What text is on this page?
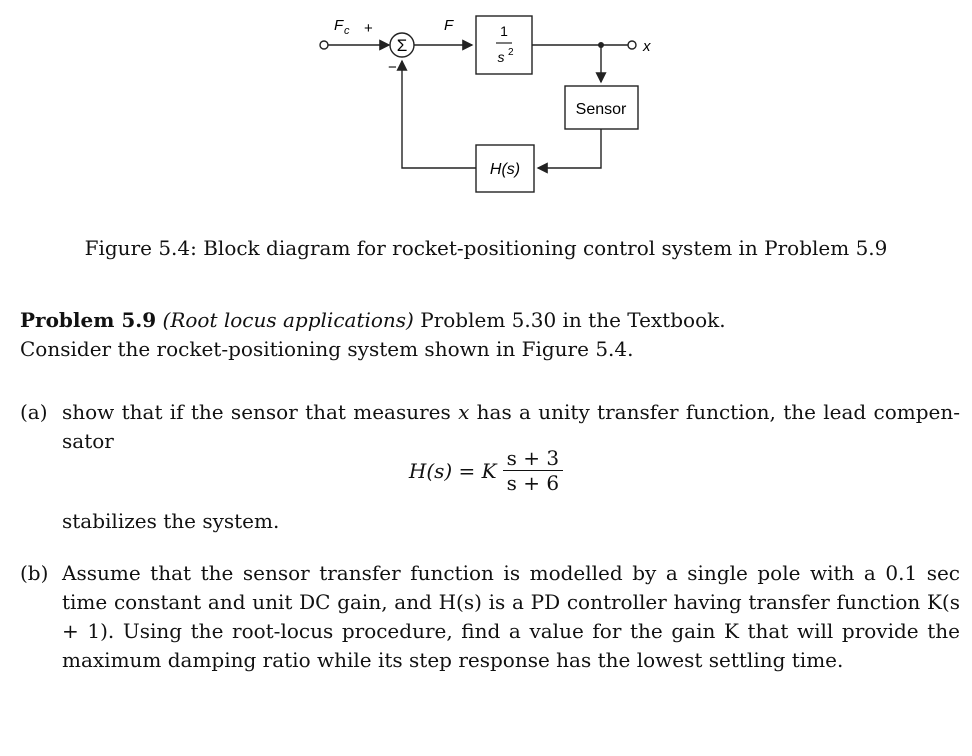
Σ
F c +
−
F	1
s 2	x
Sensor
H(s)
Figure 5.4: Block diagram for rocket-positioning control system in Problem 5.9
Problem 5.9 (Root locus applications) Problem 5.30 in the Textbook.
Consider the rocket-positioning system shown in Figure 5.4.
(a) show that if the sensor that measures x has a unity transfer function, the lead compen-sator
H(s) = K $\frac{s + 3}{s + 6}$
stabilizes the system.
(b) Assume that the sensor transfer function is modelled by a single pole with a 0.1 sec time constant and unit DC gain, and H(s) is a PD controller having transfer function K(s + 1). Using the root-locus procedure, find a value for the gain K that will provide the maximum damping ratio while its step response has the lowest settling time.
